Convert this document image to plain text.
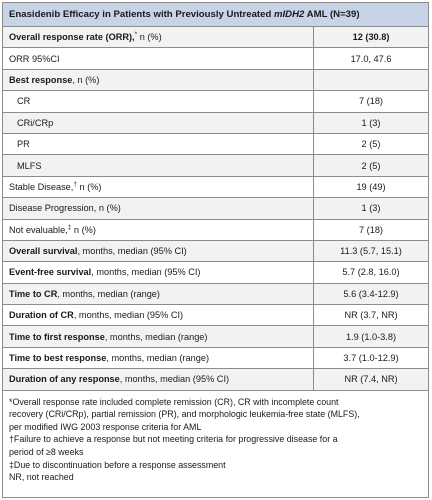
Enasidenib Efficacy in Patients with Previously Untreated mIDH2 AML (N=39)
Overall response rate (ORR),* n (%)	12 (30.8)
ORR 95%CI	17.0, 47.6
Best response, n (%)	
CR	7 (18)
CRi/CRp	1 (3)
PR	2 (5)
MLFS	2 (5)
Stable Disease,† n (%)	19 (49)
Disease Progression, n (%)	1 (3)
Not evaluable,‡ n (%)	7 (18)
Overall survival, months, median (95% CI)	11.3 (5.7, 15.1)
Event-free survival, months, median (95% CI)	5.7 (2.8, 16.0)
Time to CR, months, median (range)	5.6 (3.4-12.9)
Duration of CR, months, median (95% CI)	NR (3.7, NR)
Time to first response, months, median (range)	1.9 (1.0-3.8)
Time to best response, months, median (range)	3.7 (1.0-12.9)
Duration of any response, months, median (95% CI)	NR (7.4, NR)
*Overall response rate included complete remission (CR), CR with incomplete count
recovery (CRi/CRp), partial remission (PR), and morphologic leukemia-free state (MLFS),
per modified IWG 2003 response criteria for AML
†Failure to achieve a response but not meeting criteria for progressive disease for a
period of ≥8 weeks
‡Due to discontinuation before a response assessment
NR, not reached
